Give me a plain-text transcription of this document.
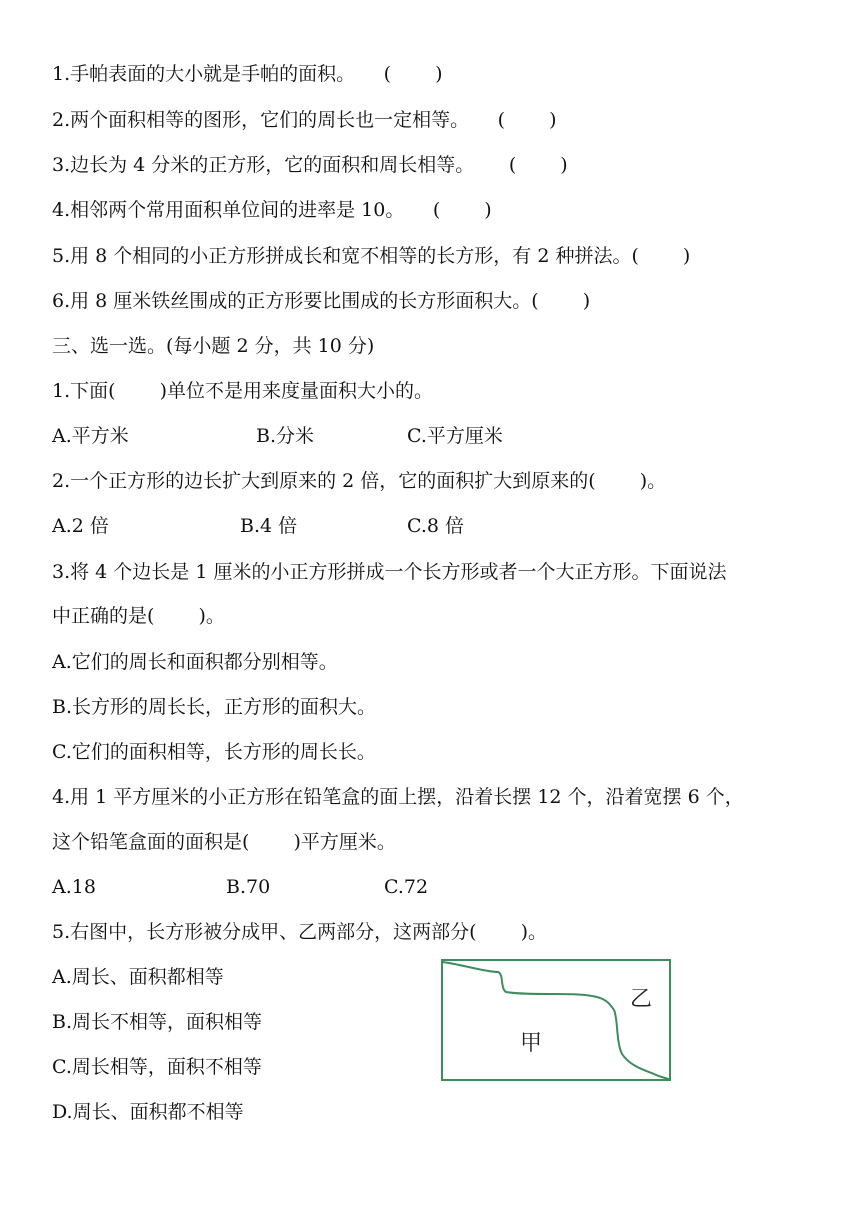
1.手帕表面的大小就是手帕的面积。　　(　　 )

2.两个面积相等的图形，它们的周长也一定相等。　　(　　 )

3.边长为 4 分米的正方形，它的面积和周长相等。　　 (　　 )

4.相邻两个常用面积单位间的进率是 10。　　(　　 )

5.用 8 个相同的小正方形拼成长和宽不相等的长方形，有 2 种拼法。(　　 )

6.用 8 厘米铁丝围成的正方形要比围成的长方形面积大。(　　 )

三、选一选。(每小题 2 分，共 10 分)

1.下面(　　 )单位不是用来度量面积大小的。

A.平方米	B.分米	C.平方厘米

2.一个正方形的边长扩大到原来的 2 倍，它的面积扩大到原来的(　　 )。

A.2 倍	B.4 倍	C.8 倍

3.将 4 个边长是 1 厘米的小正方形拼成一个长方形或者一个大正方形。下面说法

中正确的是(　　 )。

A.它们的周长和面积都分别相等。

B.长方形的周长长，正方形的面积大。

C.它们的面积相等，长方形的周长长。

4.用 1 平方厘米的小正方形在铅笔盒的面上摆，沿着长摆 12 个，沿着宽摆 6 个，

这个铅笔盒面的面积是(　　 )平方厘米。

A.18	B.70	C.72

5.右图中，长方形被分成甲、乙两部分，这两部分(　　 )。

A.周长、面积都相等

B.周长不相等，面积相等

C.周长相等，面积不相等

D.周长、面积都不相等

甲
乙
